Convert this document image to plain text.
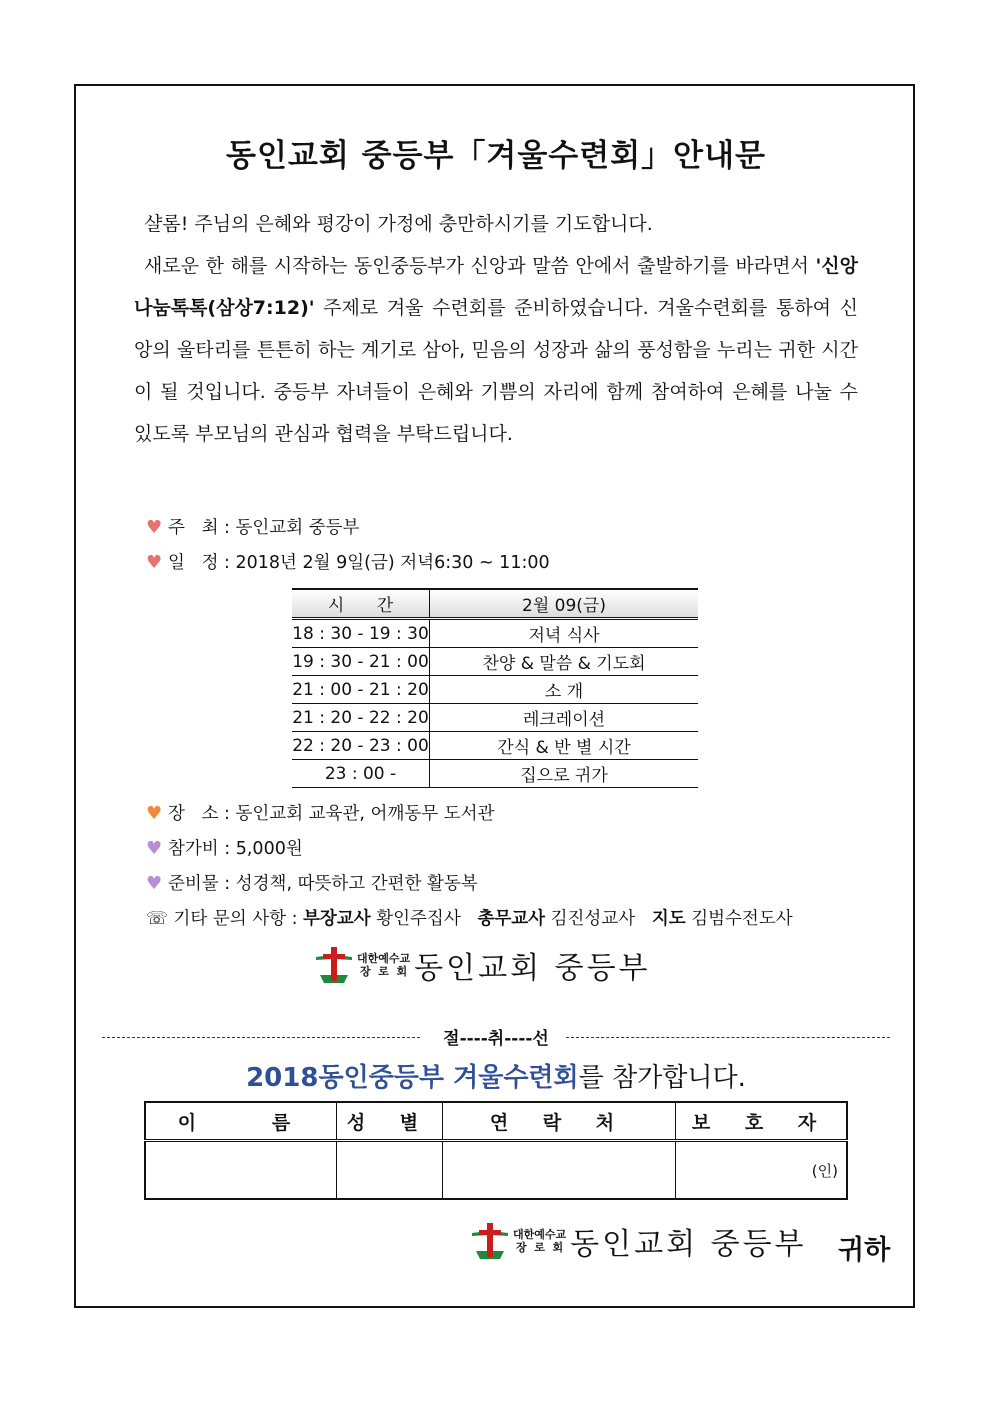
동인교회 중등부「겨울수련회」안내문

샬롬! 주님의 은혜와 평강이 가정에 충만하시기를 기도합니다.

새로운 한 해를 시작하는 동인중등부가 신앙과 말씀 안에서 출발하기를 바라면서 '신앙나눔톡톡(삼상7:12)' 주제로 겨울 수련회를 준비하였습니다. 겨울수련회를 통하여 신앙의 울타리를 튼튼히 하는 계기로 삼아, 믿음의 성장과 삶의 풍성함을 누리는 귀한 시간이 될 것입니다. 중등부 자녀들이 은혜와 기쁨의 자리에 함께 참여하여 은혜를 나눌 수 있도록 부모님의 관심과 협력을 부탁드립니다.

♥ 주   최 : 동인교회 중등부
♥ 일   정 : 2018년 2월 9일(금) 저녁6:30 ~ 11:00
시      간	2월 09(금)
18 : 30 - 19 : 30	저녁 식사
19 : 30 - 21 : 00	찬양 & 말씀 & 기도회
21 : 00 - 21 : 20	소 개
21 : 20 - 22 : 20	레크레이션
22 : 20 - 23 : 00	간식 & 반 별 시간
23 : 00 -	집으로 귀가
♥ 장   소 : 동인교회 교육관, 어깨동무 도서관
♥ 참가비 : 5,000원
♥ 준비물 : 성경책, 따뜻하고 간편한 활동복
☏ 기타 문의 사항 : 부장교사 황인주집사   총무교사 김진성교사   지도 김범수전도사
대한예수교
장  로  회 동인교회 중등부
절----취----선
2018동인중등부 겨울수련회를 참가합니다.
이   름	성 별	연 락 처	보 호 자
			(인)
대한예수교
장  로  회 동인교회 중등부 귀하
